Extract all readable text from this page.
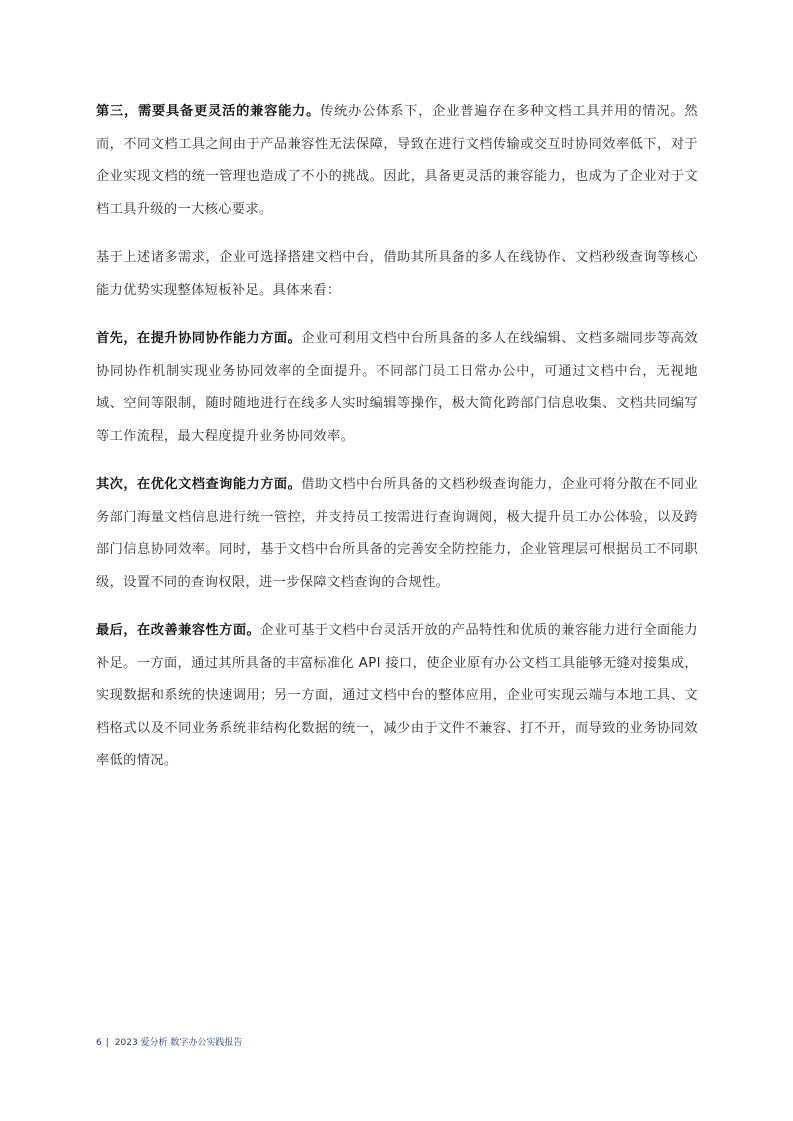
第三，需要具备更灵活的兼容能力。传统办公体系下，企业普遍存在多种文档工具并用的情况。然而，不同文档工具之间由于产品兼容性无法保障，导致在进行文档传输或交互时协同效率低下，对于企业实现文档的统一管理也造成了不小的挑战。因此，具备更灵活的兼容能力，也成为了企业对于文档工具升级的一大核心要求。

基于上述诸多需求，企业可选择搭建文档中台，借助其所具备的多人在线协作、文档秒级查询等核心能力优势实现整体短板补足。具体来看：

首先，在提升协同协作能力方面。企业可利用文档中台所具备的多人在线编辑、文档多端同步等高效协同协作机制实现业务协同效率的全面提升。不同部门员工日常办公中，可通过文档中台，无视地域、空间等限制，随时随地进行在线多人实时编辑等操作，极大简化跨部门信息收集、文档共同编写等工作流程，最大程度提升业务协同效率。

其次，在优化文档查询能力方面。借助文档中台所具备的文档秒级查询能力，企业可将分散在不同业务部门海量文档信息进行统一管控，并支持员工按需进行查询调阅，极大提升员工办公体验，以及跨部门信息协同效率。同时，基于文档中台所具备的完善安全防控能力，企业管理层可根据员工不同职级，设置不同的查询权限，进一步保障文档查询的合规性。

最后，在改善兼容性方面。企业可基于文档中台灵活开放的产品特性和优质的兼容能力进行全面能力补足。一方面，通过其所具备的丰富标准化 API 接口，使企业原有办公文档工具能够无缝对接集成，实现数据和系统的快速调用；另一方面，通过文档中台的整体应用，企业可实现云端与本地工具、文档格式以及不同业务系统非结构化数据的统一，减少由于文件不兼容、打不开，而导致的业务协同效率低的情况。

6 | 2023 爱分析 数字办公实践报告
